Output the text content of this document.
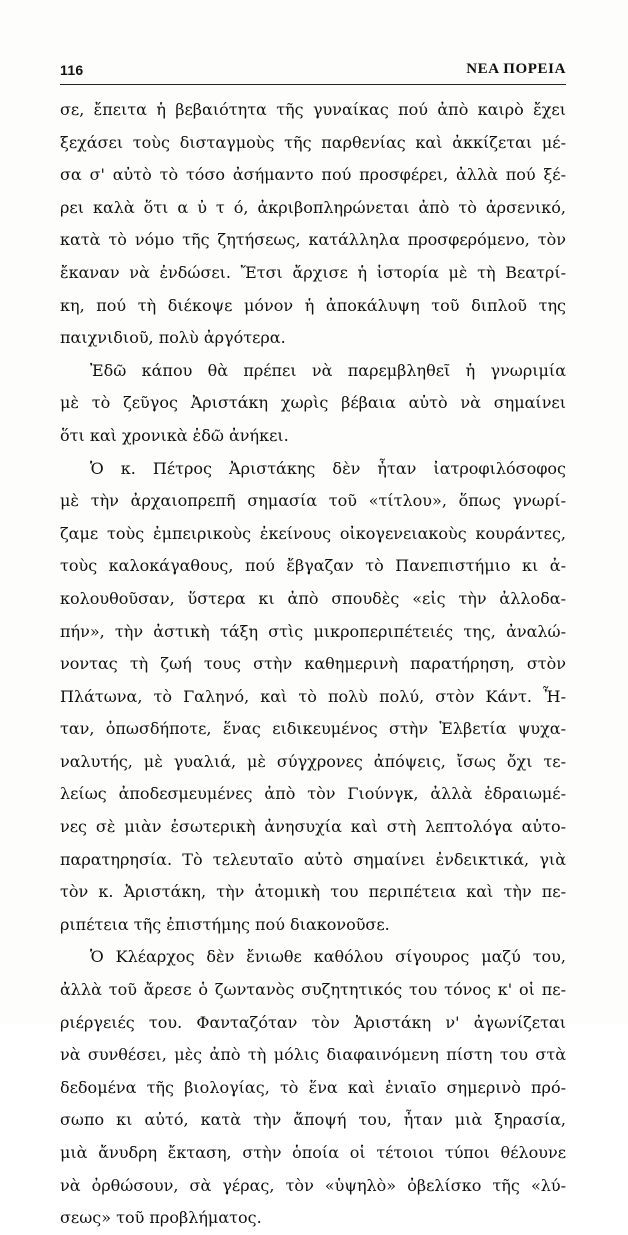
116	ΝΕΑ ΠΟΡΕΙΑ
σε, ἔπειτα ἡ βεβαιότητα τῆς γυναίκας πού ἀπὸ καιρὸ ἔχει
ξεχάσει τοὺς δισταγμοὺς τῆς παρθενίας καὶ ἀκκίζεται μέ-
σα σ' αὐτὸ τὸ τόσο ἀσήμαντο πού προσφέρει, ἀλλὰ πού ξέ-
ρει καλὰ ὅτι α ὐ τ ό, ἀκριβοπληρώνεται ἀπὸ τὸ ἀρσενικό,
κατὰ τὸ νόμο τῆς ζητήσεως, κατάλληλα προσφερόμενο, τὸν
ἔκαναν νὰ ἐνδώσει. Ἔτσι ἄρχισε ἡ ἱστορία μὲ τὴ Βεατρί-
κη, πού τὴ διέκοψε μόνον ἡ ἀποκάλυψη τοῦ διπλοῦ της
παιχνιδιοῦ, πολὺ ἀργότερα.
Ἐδῶ κάπου θὰ πρέπει νὰ παρεμβληθεῖ ἡ γνωριμία
μὲ τὸ ζεῦγος Ἀριστάκη χωρὶς βέβαια αὐτὸ νὰ σημαίνει
ὅτι καὶ χρονικὰ ἐδῶ ἀνήκει.
Ὁ κ. Πέτρος Ἀριστάκης δὲν ἦταν ἰατροφιλόσοφος
μὲ τὴν ἀρχαιοπρεπῆ σημασία τοῦ «τίτλου», ὅπως γνωρί-
ζαμε τοὺς ἐμπειρικοὺς ἐκείνους οἰκογενειακοὺς κουράντες,
τοὺς καλοκάγαθους, πού ἔβγαζαν τὸ Πανεπιστήμιο κι ἀ-
κολουθοῦσαν, ὕστερα κι ἀπὸ σπουδὲς «εἰς τὴν ἀλλοδα-
πήν», τὴν ἀστικὴ τάξη στὶς μικροπεριπέτειές της, ἀναλώ-
νοντας τὴ ζωή τους στὴν καθημερινὴ παρατήρηση, στὸν
Πλάτωνα, τὸ Γαληνό, καὶ τὸ πολὺ πολύ, στὸν Κάντ. Ἦ-
ταν, ὁπωσδήποτε, ἕνας ειδικευμένος στὴν Ἑλβετία ψυχα-
ναλυτής, μὲ γυαλιά, μὲ σύγχρονες ἀπόψεις, ἴσως ὄχι τε-
λείως ἀποδεσμευμένες ἀπὸ τὸν Γιούνγκ, ἀλλὰ ἑδραιωμέ-
νες σὲ μιὰν ἐσωτερικὴ ἀνησυχία καὶ στὴ λεπτολόγα αὐτο-
παρατηρησία. Τὸ τελευταῖο αὐτὸ σημαίνει ἐνδεικτικά, γιὰ
τὸν κ. Ἀριστάκη, τὴν ἀτομικὴ του περιπέτεια καὶ τὴν πε-
ριπέτεια τῆς ἐπιστήμης πού διακονοῦσε.
Ὁ Κλέαρχος δὲν ἔνιωθε καθόλου σίγουρος μαζύ του,
ἀλλὰ τοῦ ἄρεσε ὁ ζωντανὸς συζητητικός του τόνος κ' οἱ πε-
ριέργειές του. Φανταζόταν τὸν Ἀριστάκη ν' ἀγωνίζεται
νὰ συνθέσει, μὲς ἀπὸ τὴ μόλις διαφαινόμενη πίστη του στὰ
δεδομένα τῆς βιολογίας, τὸ ἕνα καὶ ἑνιαῖο σημερινὸ πρό-
σωπο κι αὐτό, κατὰ τὴν ἄποψή του, ἦταν μιὰ ξηρασία,
μιὰ ἄνυδρη ἔκταση, στὴν ὁποία οἱ τέτοιοι τύποι θέλουνε
νὰ ὀρθώσουν, σὰ γέρας, τὸν «ὑψηλὸ» ὀβελίσκο τῆς «λύ-
σεως» τοῦ προβλήματος.
